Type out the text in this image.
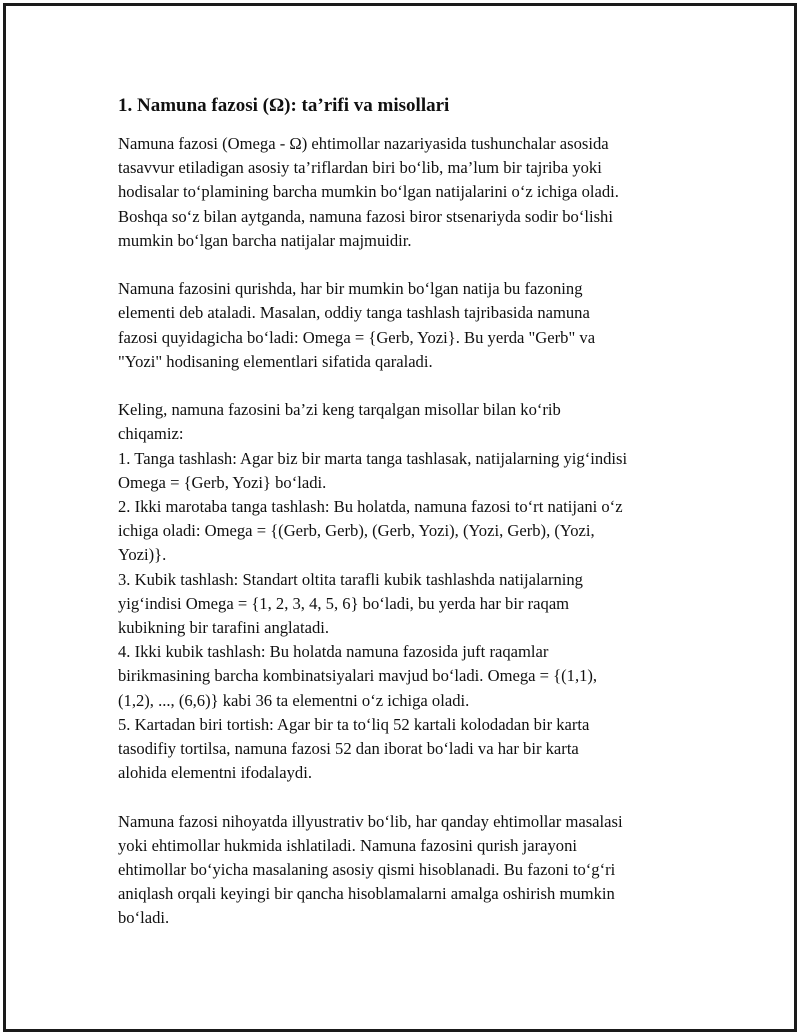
1. Namuna fazosi (Ω): ta’rifi va misollari

Namuna fazosi (Omega - Ω) ehtimollar nazariyasida tushunchalar asosida
tasavvur etiladigan asosiy ta’riflardan biri boʻlib, ma’lum bir tajriba yoki
hodisalar toʻplamining barcha mumkin boʻlgan natijalarini oʻz ichiga oladi.
Boshqa soʻz bilan aytganda, namuna fazosi biror stsenariyda sodir boʻlishi
mumkin boʻlgan barcha natijalar majmuidir.

Namuna fazosini qurishda, har bir mumkin boʻlgan natija bu fazoning
elementi deb ataladi. Masalan, oddiy tanga tashlash tajribasida namuna
fazosi quyidagicha boʻladi: Omega = {Gerb, Yozi}. Bu yerda "Gerb" va
"Yozi" hodisaning elementlari sifatida qaraladi.

Keling, namuna fazosini ba’zi keng tarqalgan misollar bilan koʻrib
chiqamiz:
1. Tanga tashlash: Agar biz bir marta tanga tashlasak, natijalarning yigʻindisi
Omega = {Gerb, Yozi} boʻladi.
2. Ikki marotaba tanga tashlash: Bu holatda, namuna fazosi toʻrt natijani oʻz
ichiga oladi: Omega = {(Gerb, Gerb), (Gerb, Yozi), (Yozi, Gerb), (Yozi,
Yozi)}.
3. Kubik tashlash: Standart oltita tarafli kubik tashlashda natijalarning
yigʻindisi Omega = {1, 2, 3, 4, 5, 6} boʻladi, bu yerda har bir raqam
kubikning bir tarafini anglatadi.
4. Ikki kubik tashlash: Bu holatda namuna fazosida juft raqamlar
birikmasining barcha kombinatsiyalari mavjud boʻladi. Omega = {(1,1),
(1,2), ..., (6,6)} kabi 36 ta elementni oʻz ichiga oladi.
5. Kartadan biri tortish: Agar bir ta toʻliq 52 kartali kolodadan bir karta
tasodifiy tortilsa, namuna fazosi 52 dan iborat boʻladi va har bir karta
alohida elementni ifodalaydi.

Namuna fazosi nihoyatda illyustrativ boʻlib, har qanday ehtimollar masalasi
yoki ehtimollar hukmida ishlatiladi. Namuna fazosini qurish jarayoni
ehtimollar boʻyicha masalaning asosiy qismi hisoblanadi. Bu fazoni toʻgʻri
aniqlash orqali keyingi bir qancha hisoblamalarni amalga oshirish mumkin
boʻladi.
